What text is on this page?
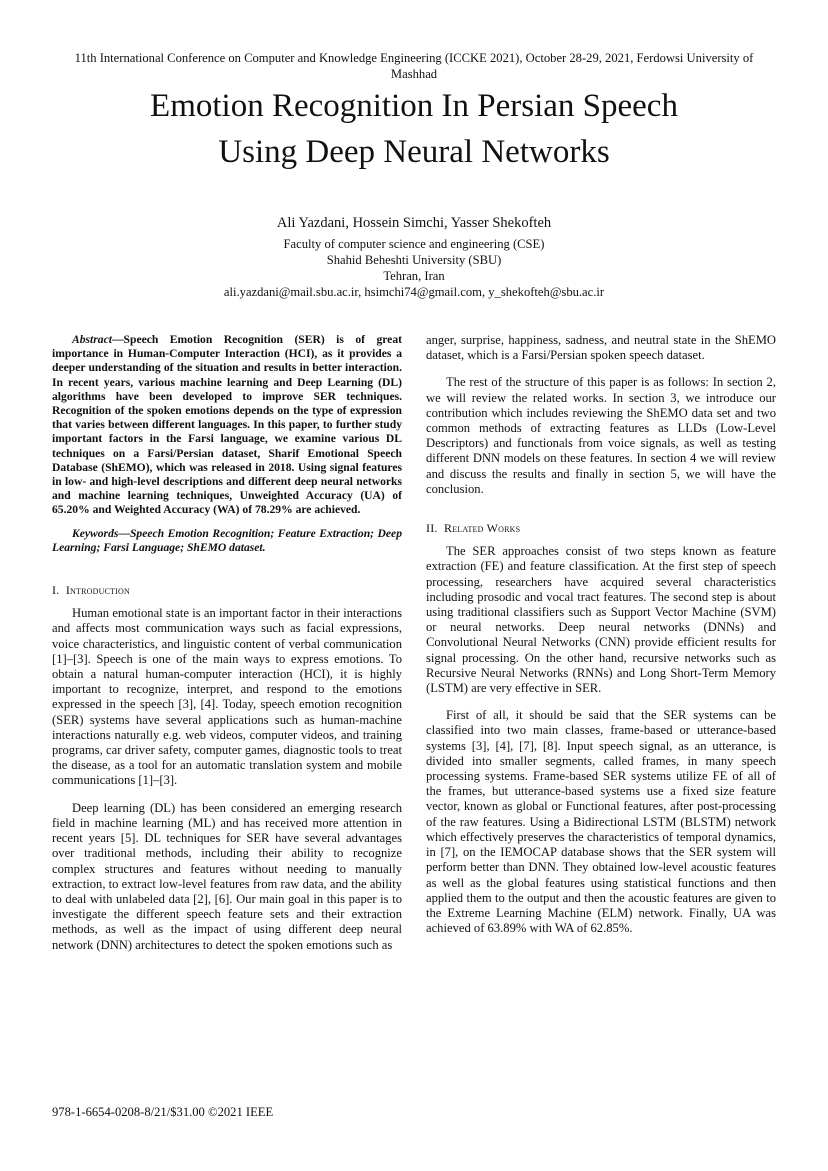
11th International Conference on Computer and Knowledge Engineering (ICCKE 2021), October 28-29, 2021, Ferdowsi University of Mashhad
Emotion Recognition In Persian Speech
Using Deep Neural Networks
Ali Yazdani, Hossein Simchi, Yasser Shekofteh
Faculty of computer science and engineering (CSE)
Shahid Beheshti University (SBU)
Tehran, Iran
ali.yazdani@mail.sbu.ac.ir, hsimchi74@gmail.com, y_shekofteh@sbu.ac.ir

Abstract—Speech Emotion Recognition (SER) is of great importance in Human-Computer Interaction (HCI), as it provides a deeper understanding of the situation and results in better interaction. In recent years, various machine learning and Deep Learning (DL) algorithms have been developed to improve SER techniques. Recognition of the spoken emotions depends on the type of expression that varies between different languages. In this paper, to further study important factors in the Farsi language, we examine various DL techniques on a Farsi/Persian dataset, Sharif Emotional Speech Database (ShEMO), which was released in 2018. Using signal features in low- and high-level descriptions and different deep neural networks and machine learning techniques, Unweighted Accuracy (UA) of 65.20% and Weighted Accuracy (WA) of 78.29% are achieved.

Keywords—Speech Emotion Recognition; Feature Extraction; Deep Learning; Farsi Language; ShEMO dataset.

I. Introduction

Human emotional state is an important factor in their interactions and affects most communication ways such as facial expressions, voice characteristics, and linguistic content of verbal communication [1]–[3]. Speech is one of the main ways to express emotions. To obtain a natural human-computer interaction (HCI), it is highly important to recognize, interpret, and respond to the emotions expressed in the speech [3], [4]. Today, speech emotion recognition (SER) systems have several applications such as human-machine interactions naturally e.g. web videos, computer videos, and training programs, car driver safety, computer games, diagnostic tools to treat the disease, as a tool for an automatic translation system and mobile communications [1]–[3].

Deep learning (DL) has been considered an emerging research field in machine learning (ML) and has received more attention in recent years [5]. DL techniques for SER have several advantages over traditional methods, including their ability to recognize complex structures and features without needing to manually extraction, to extract low-level features from raw data, and the ability to deal with unlabeled data [2], [6]. Our main goal in this paper is to investigate the different speech feature sets and their extraction methods, as well as the impact of using different deep neural network (DNN) architectures to detect the spoken emotions such as

anger, surprise, happiness, sadness, and neutral state in the ShEMO dataset, which is a Farsi/Persian spoken speech dataset.

The rest of the structure of this paper is as follows: In section 2, we will review the related works. In section 3, we introduce our contribution which includes reviewing the ShEMO data set and two common methods of extracting features as LLDs (Low-Level Descriptors) and functionals from voice signals, as well as testing different DNN models on these features. In section 4 we will review and discuss the results and finally in section 5, we will have the conclusion.

II. Related Works

The SER approaches consist of two steps known as feature extraction (FE) and feature classification. At the first step of speech processing, researchers have acquired several characteristics including prosodic and vocal tract features. The second step is about using traditional classifiers such as Support Vector Machine (SVM) or neural networks. Deep neural networks (DNNs) and Convolutional Neural Networks (CNN) provide efficient results for signal processing. On the other hand, recursive networks such as Recursive Neural Networks (RNNs) and Long Short-Term Memory (LSTM) are very effective in SER.

First of all, it should be said that the SER systems can be classified into two main classes, frame-based or utterance-based systems [3], [4], [7], [8]. Input speech signal, as an utterance, is divided into smaller segments, called frames, in many speech processing systems. Frame-based SER systems utilize FE of all of the frames, but utterance-based systems use a fixed size feature vector, known as global or Functional features, after post-processing of the raw features. Using a Bidirectional LSTM (BLSTM) network which effectively preserves the characteristics of temporal dynamics, in [7], on the IEMOCAP database shows that the SER system will perform better than DNN. They obtained low-level acoustic features as well as the global features using statistical functions and then applied them to the output and then the acoustic features are given to the Extreme Learning Machine (ELM) network. Finally, UA was achieved of 63.89% with WA of 62.85%.

978-1-6654-0208-8/21/$31.00 ©2021 IEEE
